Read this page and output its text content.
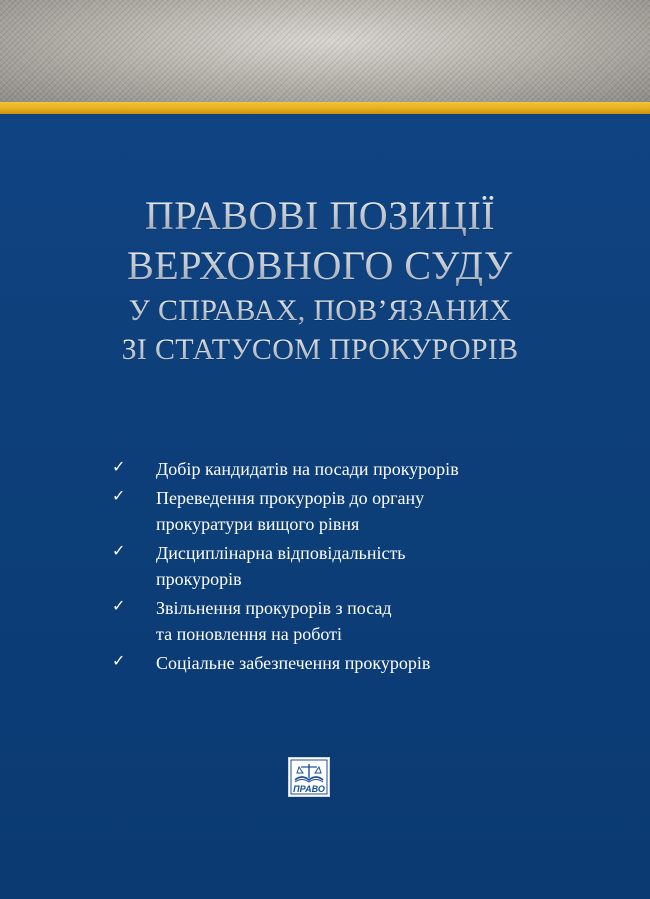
ПРАВОВІ ПОЗИЦІЇ
ВЕРХОВНОГО СУДУ
У СПРАВАХ, ПОВ’ЯЗАНИХ
ЗІ СТАТУСОМ ПРОКУРОРІВ
✓ Добір кандидатів на посади прокурорів
✓ Переведення прокурорів до органу
прокуратури вищого рівня
✓ Дисциплінарна відповідальність
прокурорів
✓ Звільнення прокурорів з посад
та поновлення на роботі
✓ Соціальне забезпечення прокурорів
ПРАВО
